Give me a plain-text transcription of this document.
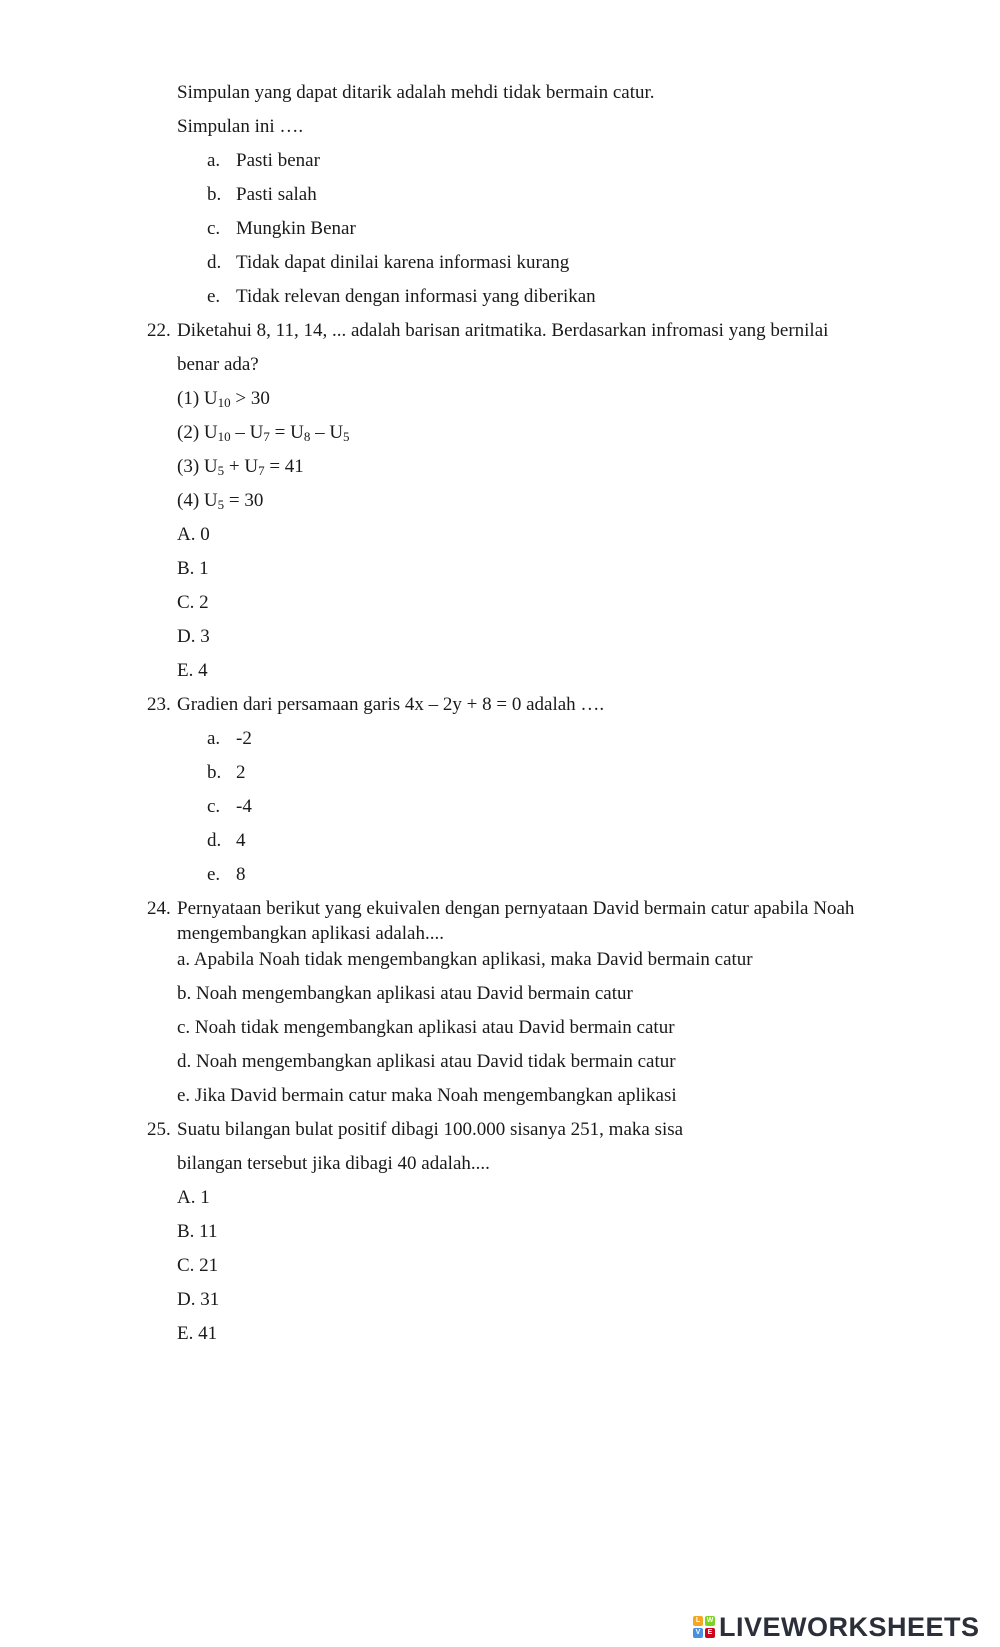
Simpulan yang dapat ditarik adalah mehdi tidak bermain catur.
Simpulan ini ….
a. Pasti benar
b. Pasti salah
c. Mungkin Benar
d. Tidak dapat dinilai karena informasi kurang
e. Tidak relevan dengan informasi yang diberikan
22. Diketahui 8, 11, 14, ... adalah barisan aritmatika. Berdasarkan infromasi yang bernilai
benar ada?
(1) $U_{10} > 30$
(2) $U_{10} - U_7 = U_8 - U_5$
(3) $U_5 + U_7 = 41$
(4) $U_5 = 30$
A. 0
B. 1
C. 2
D. 3
E. 4
23. Gradien dari persamaan garis 4x – 2y + 8 = 0 adalah ….
a. -2
b. 2
c. -4
d. 4
e. 8
24. Pernyataan berikut yang ekuivalen dengan pernyataan David bermain catur apabila Noah
mengembangkan aplikasi adalah....
a. Apabila Noah tidak mengembangkan aplikasi, maka David bermain catur
b. Noah mengembangkan aplikasi atau David bermain catur
c. Noah tidak mengembangkan aplikasi atau David bermain catur
d. Noah mengembangkan aplikasi atau David tidak bermain catur
e. Jika David bermain catur maka Noah mengembangkan aplikasi
25. Suatu bilangan bulat positif dibagi 100.000 sisanya 251, maka sisa
bilangan tersebut jika dibagi 40 adalah....
A. 1
B. 11
C. 21
D. 31
E. 41
L W
V	E LIVEWORKSHEETS
